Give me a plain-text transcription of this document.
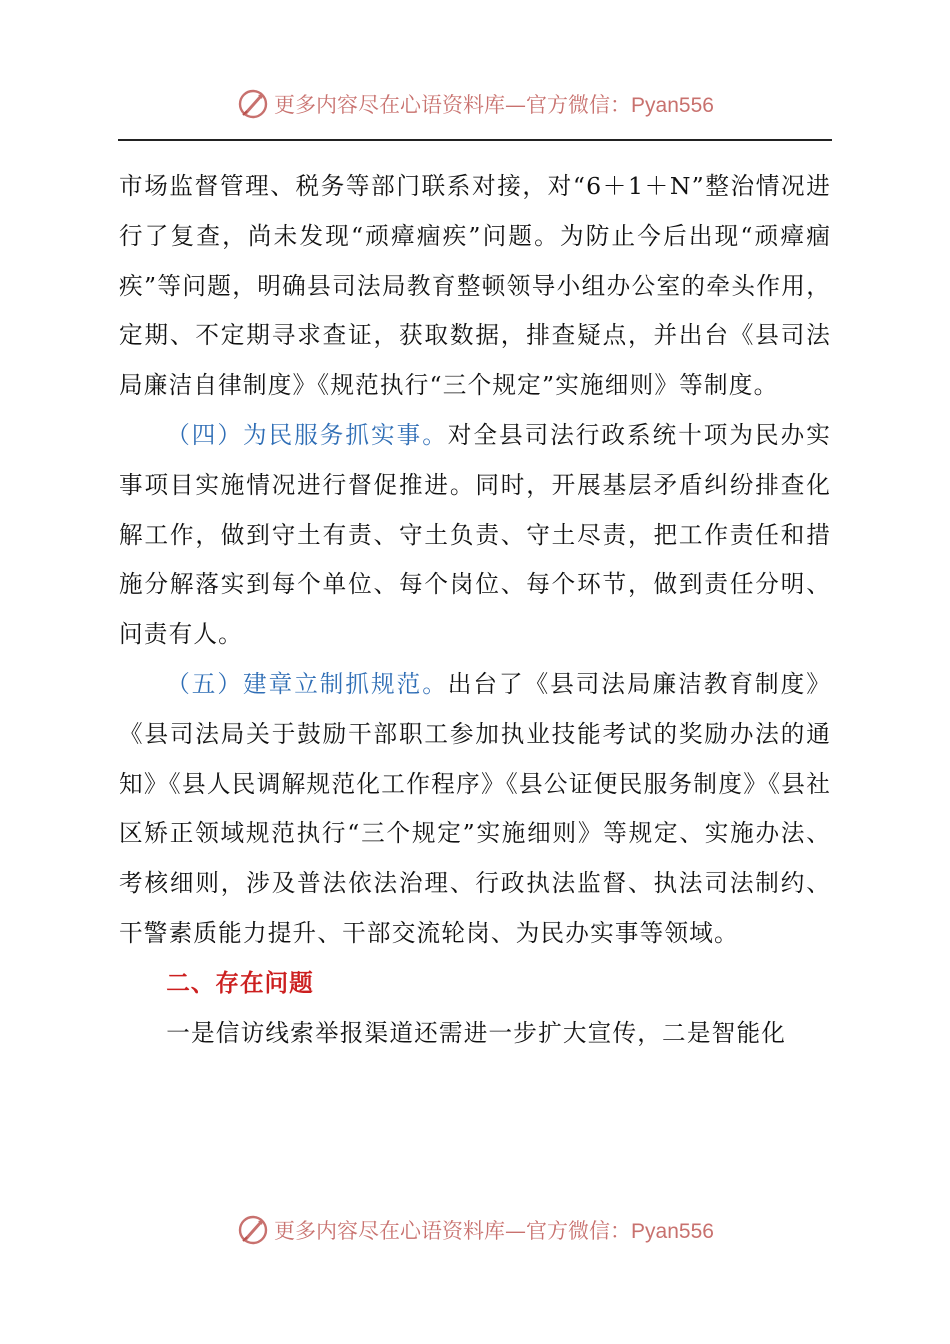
更多内容尽在心语资料库—官方微信：Pyan556

市场监督管理、税务等部门联系对接，对“6＋1＋N”整治情况进行了复查，尚未发现“顽瘴痼疾”问题。为防止今后出现“顽瘴痼疾”等问题，明确县司法局教育整顿领导小组办公室的牵头作用，定期、不定期寻求查证，获取数据，排查疑点，并出台《县司法局廉洁自律制度》《规范执行“三个规定”实施细则》等制度。

（四）为民服务抓实事。对全县司法行政系统十项为民办实事项目实施情况进行督促推进。同时，开展基层矛盾纠纷排查化解工作，做到守土有责、守土负责、守土尽责，把工作责任和措施分解落实到每个单位、每个岗位、每个环节，做到责任分明、问责有人。

（五）建章立制抓规范。出台了《县司法局廉洁教育制度》《县司法局关于鼓励干部职工参加执业技能考试的奖励办法的通知》《县人民调解规范化工作程序》《县公证便民服务制度》《县社区矫正领域规范执行“三个规定”实施细则》等规定、实施办法、考核细则，涉及普法依法治理、行政执法监督、执法司法制约、干警素质能力提升、干部交流轮岗、为民办实事等领域。

二、存在问题

一是信访线索举报渠道还需进一步扩大宣传，二是智能化

更多内容尽在心语资料库—官方微信：Pyan556
